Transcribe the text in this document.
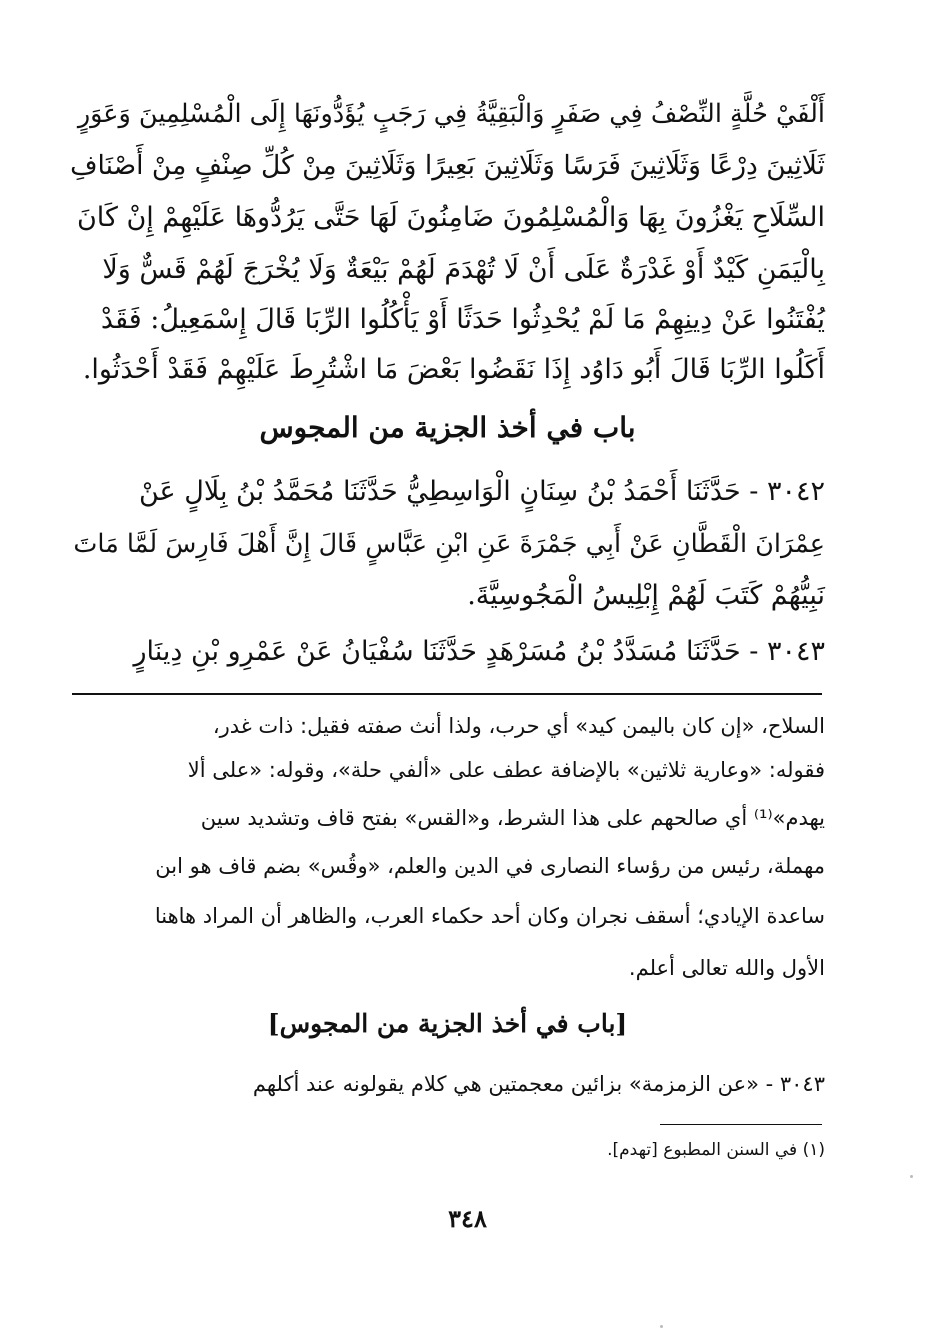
أَلْفَيْ حُلَّةٍ النِّصْفُ فِي صَفَرٍ وَالْبَقِيَّةُ فِي رَجَبٍ يُؤَدُّونَهَا إِلَى الْمُسْلِمِينَ وَعَوَرٍ
ثَلَاثِينَ دِرْعًا وَثَلَاثِينَ فَرَسًا وَثَلَاثِينَ بَعِيرًا وَثَلَاثِينَ مِنْ كُلِّ صِنْفٍ مِنْ أَصْنَافِ
السِّلَاحِ يَغْزُونَ بِهَا وَالْمُسْلِمُونَ ضَامِنُونَ لَهَا حَتَّى يَرُدُّوهَا عَلَيْهِمْ إِنْ كَانَ
بِالْيَمَنِ كَيْدٌ أَوْ غَدْرَةٌ عَلَى أَنْ لَا تُهْدَمَ لَهُمْ بَيْعَةٌ وَلَا يُخْرَجَ لَهُمْ قَسٌّ وَلَا
يُفْتَنُوا عَنْ دِينِهِمْ مَا لَمْ يُحْدِثُوا حَدَثًا أَوْ يَأْكُلُوا الرِّبَا قَالَ إِسْمَعِيلُ: فَقَدْ
أَكَلُوا الرِّبَا قَالَ أَبُو دَاوُد إِذَا نَقَضُوا بَعْضَ مَا اشْتُرِطَ عَلَيْهِمْ فَقَدْ أَحْدَثُوا.
باب في أخذ الجزية من المجوس
٣٠٤٢ - حَدَّثَنَا أَحْمَدُ بْنُ سِنَانٍ الْوَاسِطِيُّ حَدَّثَنَا مُحَمَّدُ بْنُ بِلَالٍ عَنْ
عِمْرَانَ الْقَطَّانِ عَنْ أَبِي جَمْرَةَ عَنِ ابْنِ عَبَّاسٍ قَالَ إِنَّ أَهْلَ فَارِسَ لَمَّا مَاتَ
نَبِيُّهُمْ كَتَبَ لَهُمْ إِبْلِيسُ الْمَجُوسِيَّةَ.
٣٠٤٣ - حَدَّثَنَا مُسَدَّدُ بْنُ مُسَرْهَدٍ حَدَّثَنَا سُفْيَانُ عَنْ عَمْرِو بْنِ دِينَارٍ
السلاح، «إن كان باليمن كيد» أي حرب، ولذا أنث صفته فقيل: ذات غدر،
فقوله: «وعارية ثلاثين» بالإضافة عطف على «ألفي حلة»، وقوله: «على ألا
يهدم»⁽¹⁾ أي صالحهم على هذا الشرط، و«القس» بفتح قاف وتشديد سين
مهملة، رئيس من رؤساء النصارى في الدين والعلم، «وقُس» بضم قاف هو ابن
ساعدة الإيادي؛ أسقف نجران وكان أحد حكماء العرب، والظاهر أن المراد هاهنا
الأول والله تعالى أعلم.
[باب في أخذ الجزية من المجوس]
٣٠٤٣ - «عن الزمزمة» بزائين معجمتين هي كلام يقولونه عند أكلهم
(١) في السنن المطبوع [تهدم].
٣٤٨
